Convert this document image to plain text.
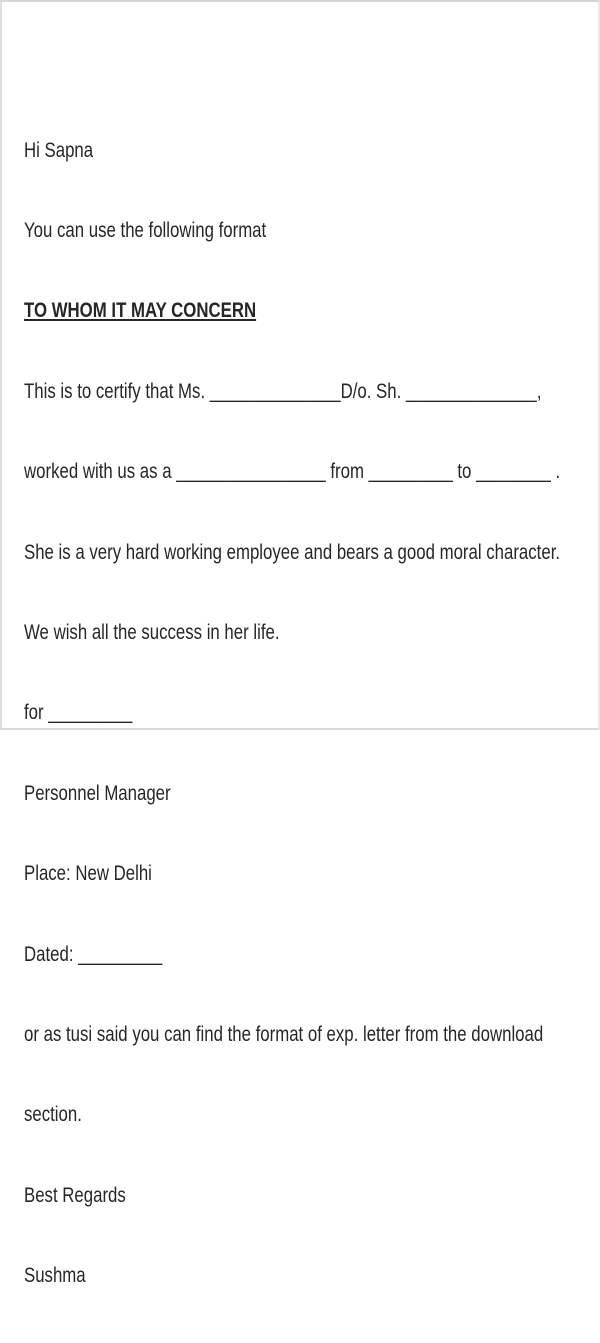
Hi Sapna

You can use the following format

TO WHOM IT MAY CONCERN

This is to certify that Ms. ______________D/o. Sh. ______________,

worked with us as a ________________ from _________ to ________ .

She is a very hard working employee and bears a good moral character.

We wish all the success in her life.

for _________

Personnel Manager

Place: New Delhi

Dated: _________

or as tusi said you can find the format of exp. letter from the download

section.

Best Regards

Sushma
